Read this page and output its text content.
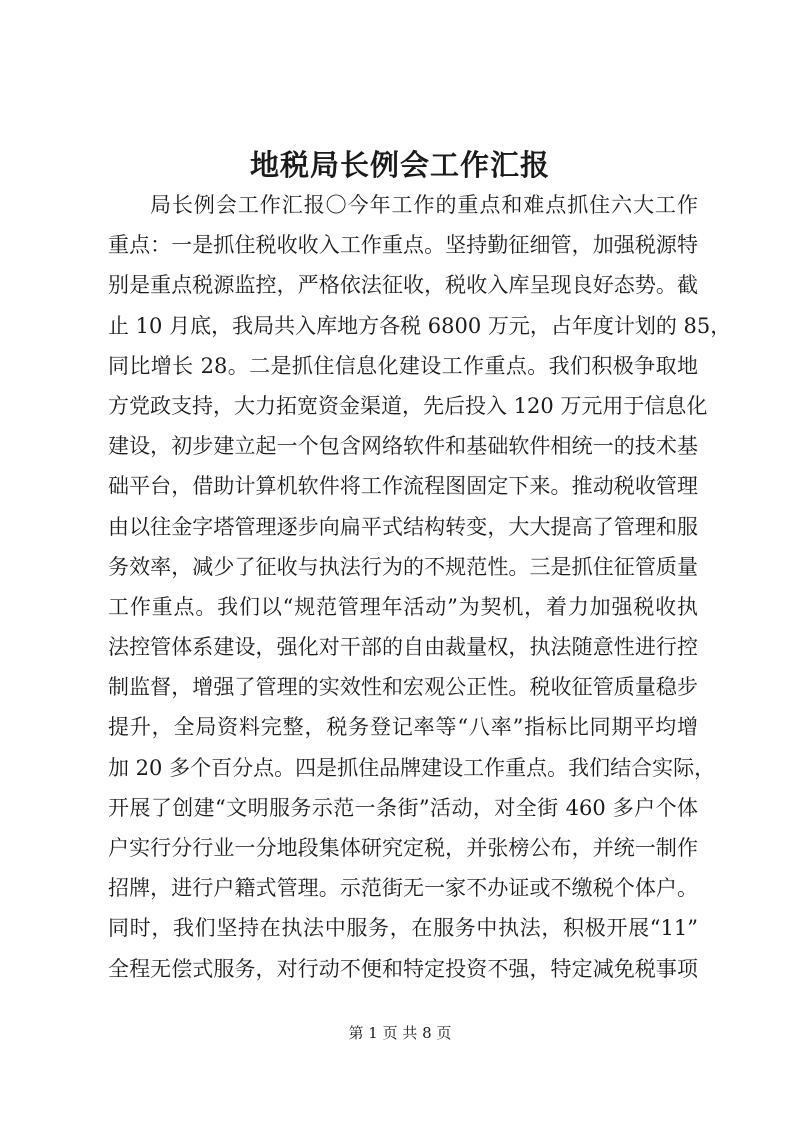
地税局长例会工作汇报
局长例会工作汇报〇今年工作的重点和难点抓住六大工作
重点：一是抓住税收收入工作重点。坚持勤征细管，加强税源特
别是重点税源监控，严格依法征收，税收入库呈现良好态势。截
止 10 月底，我局共入库地方各税 6800 万元，占年度计划的 85，
同比增长 28。二是抓住信息化建设工作重点。我们积极争取地
方党政支持，大力拓宽资金渠道，先后投入 120 万元用于信息化
建设，初步建立起一个包含网络软件和基础软件相统一的技术基
础平台，借助计算机软件将工作流程图固定下来。推动税收管理
由以往金字塔管理逐步向扁平式结构转变，大大提高了管理和服
务效率，减少了征收与执法行为的不规范性。三是抓住征管质量
工作重点。我们以“规范管理年活动”为契机，着力加强税收执
法控管体系建设，强化对干部的自由裁量权，执法随意性进行控
制监督，增强了管理的实效性和宏观公正性。税收征管质量稳步
提升，全局资料完整，税务登记率等“八率”指标比同期平均增
加 20 多个百分点。四是抓住品牌建设工作重点。我们结合实际，
开展了创建“文明服务示范一条街”活动，对全街 460 多户个体
户实行分行业一分地段集体研究定税，并张榜公布，并统一制作
招牌，进行户籍式管理。示范街无一家不办证或不缴税个体户。
同时，我们坚持在执法中服务，在服务中执法，积极开展“11”
全程无偿式服务，对行动不便和特定投资不强，特定减免税事项
第 1 页 共 8 页
